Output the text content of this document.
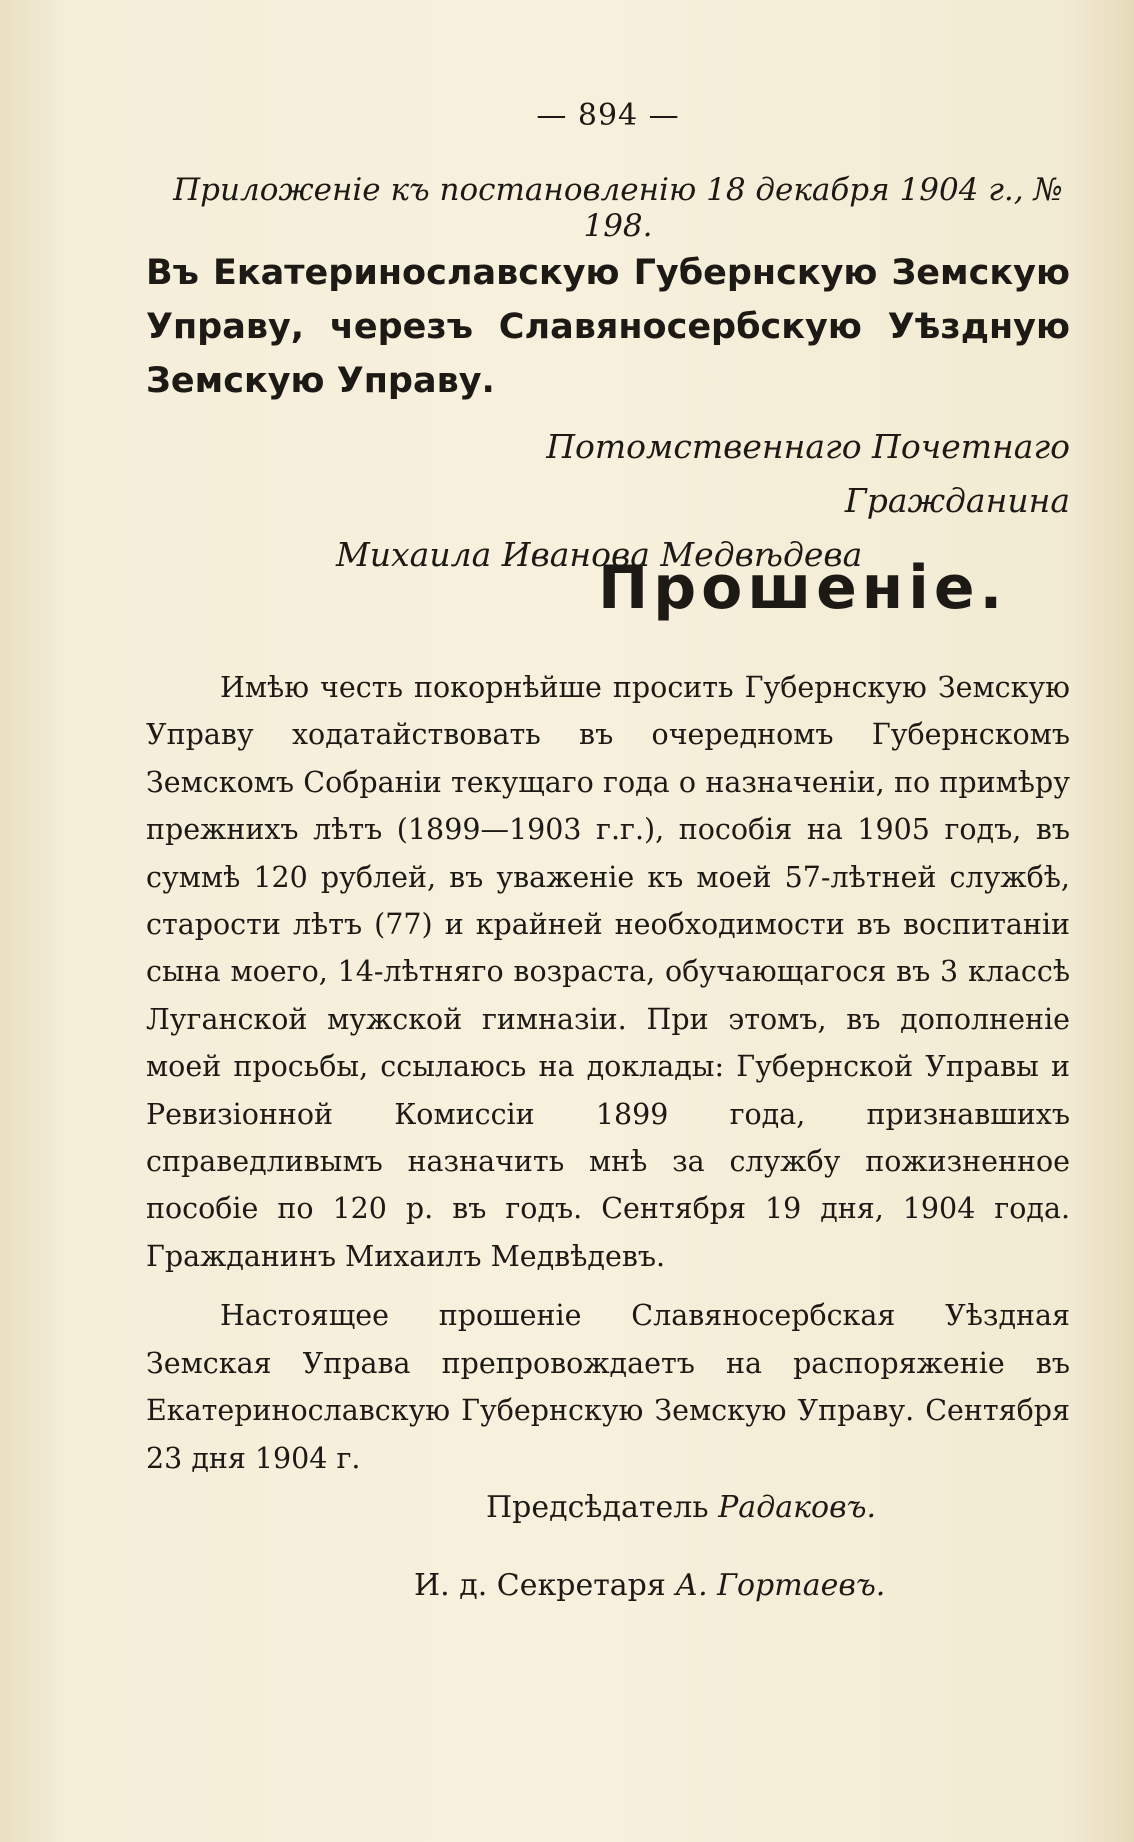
— 894 —
Приложеніе къ постановленію 18 декабря 1904 г., № 198.
Въ Екатеринославскую Губернскую Земскую Управу, черезъ Славяносербскую Уѣздную Земскую Управу.
Потомственнаго Почетнаго Гражданина
Михаила Иванова Медвѣдева
Прошеніе.

Имѣю честь покорнѣйше просить Губернскую Земскую Управу ходатайствовать въ очередномъ Губернскомъ Земскомъ Собраніи текущаго года о назначеніи, по примѣру прежнихъ лѣтъ (1899—1903 г.г.), пособія на 1905 годъ, въ суммѣ 120 рублей, въ уваженіе къ моей 57-лѣтней службѣ, старости лѣтъ (77) и крайней необходимости въ воспитаніи сына моего, 14-лѣтняго возраста, обучающагося въ 3 классѣ Луганской мужской гимназіи. При этомъ, въ дополненіе моей просьбы, ссылаюсь на доклады: Губернской Управы и Ревизіонной Комиссіи 1899 года, признавшихъ справедливымъ назначить мнѣ за службу пожизненное пособіе по 120 р. въ годъ. Сентября 19 дня, 1904 года. Гражданинъ Михаилъ Медвѣдевъ.

Настоящее прошеніе Славяносербская Уѣздная Земская Управа препровождаетъ на распоряженіе въ Екатеринославскую Губернскую Земскую Управу. Сентября 23 дня 1904 г.

Предсѣдатель Радаковъ.
И. д. Секретаря А. Гортаевъ.
